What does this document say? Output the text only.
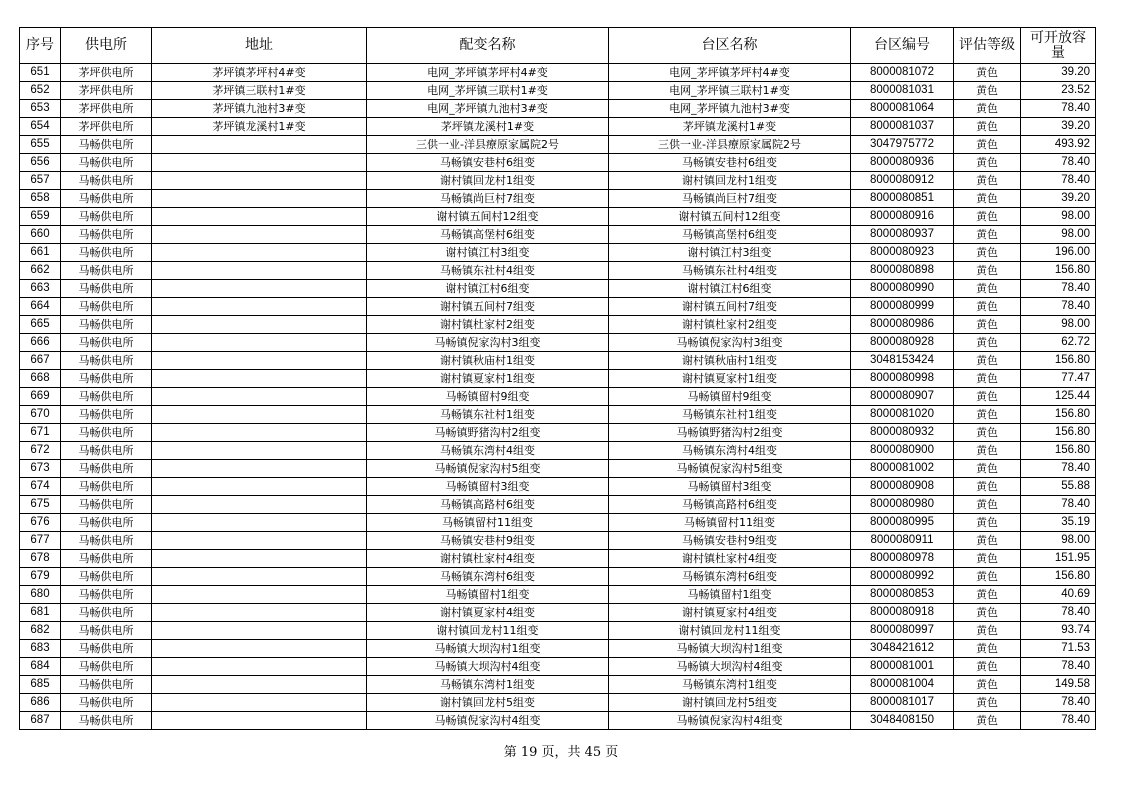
序号	供电所	地址	配变名称	台区名称	台区编号	评估等级	可开放容量
651	茅坪供电所	茅坪镇茅坪村4#变	电网_茅坪镇茅坪村4#变	电网_茅坪镇茅坪村4#变	8000081072	黄色	39.20
652	茅坪供电所	茅坪镇三联村1#变	电网_茅坪镇三联村1#变	电网_茅坪镇三联村1#变	8000081031	黄色	23.52
653	茅坪供电所	茅坪镇九池村3#变	电网_茅坪镇九池村3#变	电网_茅坪镇九池村3#变	8000081064	黄色	78.40
654	茅坪供电所	茅坪镇龙溪村1#变	茅坪镇龙溪村1#变	茅坪镇龙溪村1#变	8000081037	黄色	39.20
655	马畅供电所		三供一业-洋县療原家属院2号	三供一业-洋县療原家属院2号	3047975772	黄色	493.92
656	马畅供电所		马畅镇安巷村6组变	马畅镇安巷村6组变	8000080936	黄色	78.40
657	马畅供电所		谢村镇回龙村1组变	谢村镇回龙村1组变	8000080912	黄色	78.40
658	马畅供电所		马畅镇尚巨村7组变	马畅镇尚巨村7组变	8000080851	黄色	39.20
659	马畅供电所		谢村镇五间村12组变	谢村镇五间村12组变	8000080916	黄色	98.00
660	马畅供电所		马畅镇高堡村6组变	马畅镇高堡村6组变	8000080937	黄色	98.00
661	马畅供电所		谢村镇江村3组变	谢村镇江村3组变	8000080923	黄色	196.00
662	马畅供电所		马畅镇东社村4组变	马畅镇东社村4组变	8000080898	黄色	156.80
663	马畅供电所		谢村镇江村6组变	谢村镇江村6组变	8000080990	黄色	78.40
664	马畅供电所		谢村镇五间村7组变	谢村镇五间村7组变	8000080999	黄色	78.40
665	马畅供电所		谢村镇杜家村2组变	谢村镇杜家村2组变	8000080986	黄色	98.00
666	马畅供电所		马畅镇倪家沟村3组变	马畅镇倪家沟村3组变	8000080928	黄色	62.72
667	马畅供电所		谢村镇秋庙村1组变	谢村镇秋庙村1组变	3048153424	黄色	156.80
668	马畅供电所		谢村镇夏家村1组变	谢村镇夏家村1组变	8000080998	黄色	77.47
669	马畅供电所		马畅镇留村9组变	马畅镇留村9组变	8000080907	黄色	125.44
670	马畅供电所		马畅镇东社村1组变	马畅镇东社村1组变	8000081020	黄色	156.80
671	马畅供电所		马畅镇野猪沟村2组变	马畅镇野猪沟村2组变	8000080932	黄色	156.80
672	马畅供电所		马畅镇东湾村4组变	马畅镇东湾村4组变	8000080900	黄色	156.80
673	马畅供电所		马畅镇倪家沟村5组变	马畅镇倪家沟村5组变	8000081002	黄色	78.40
674	马畅供电所		马畅镇留村3组变	马畅镇留村3组变	8000080908	黄色	55.88
675	马畅供电所		马畅镇高路村6组变	马畅镇高路村6组变	8000080980	黄色	78.40
676	马畅供电所		马畅镇留村11组变	马畅镇留村11组变	8000080995	黄色	35.19
677	马畅供电所		马畅镇安巷村9组变	马畅镇安巷村9组变	8000080911	黄色	98.00
678	马畅供电所		谢村镇杜家村4组变	谢村镇杜家村4组变	8000080978	黄色	151.95
679	马畅供电所		马畅镇东湾村6组变	马畅镇东湾村6组变	8000080992	黄色	156.80
680	马畅供电所		马畅镇留村1组变	马畅镇留村1组变	8000080853	黄色	40.69
681	马畅供电所		谢村镇夏家村4组变	谢村镇夏家村4组变	8000080918	黄色	78.40
682	马畅供电所		谢村镇回龙村11组变	谢村镇回龙村11组变	8000080997	黄色	93.74
683	马畅供电所		马畅镇大坝沟村1组变	马畅镇大坝沟村1组变	3048421612	黄色	71.53
684	马畅供电所		马畅镇大坝沟村4组变	马畅镇大坝沟村4组变	8000081001	黄色	78.40
685	马畅供电所		马畅镇东湾村1组变	马畅镇东湾村1组变	8000081004	黄色	149.58
686	马畅供电所		谢村镇回龙村5组变	谢村镇回龙村5组变	8000081017	黄色	78.40
687	马畅供电所		马畅镇倪家沟村4组变	马畅镇倪家沟村4组变	3048408150	黄色	78.40
第 19 页，共 45 页
